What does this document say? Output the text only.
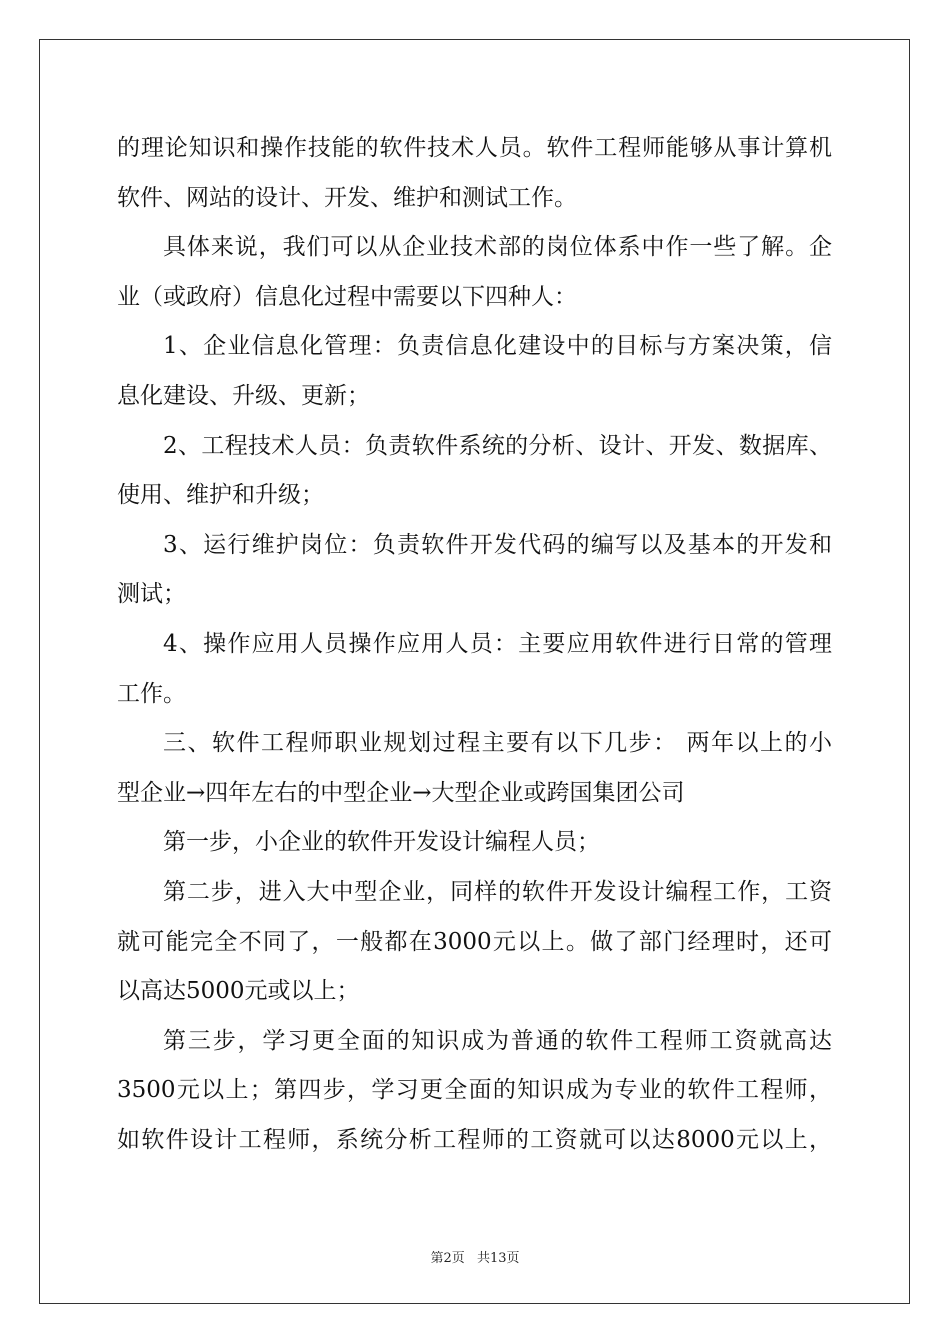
的理论知识和操作技能的软件技术人员。软件工程师能够从事计算机
软件、网站的设计、开发、维护和测试工作。
具体来说，我们可以从企业技术部的岗位体系中作一些了解。企
业（或政府）信息化过程中需要以下四种人：
1、企业信息化管理：负责信息化建设中的目标与方案决策，信
息化建设、升级、更新；
2、工程技术人员：负责软件系统的分析、设计、开发、数据库、
使用、维护和升级；
3、运行维护岗位：负责软件开发代码的编写以及基本的开发和
测试；
4、操作应用人员操作应用人员：主要应用软件进行日常的管理
工作。
三、软件工程师职业规划过程主要有以下几步： 两年以上的小
型企业→四年左右的中型企业→大型企业或跨国集团公司
第一步，小企业的软件开发设计编程人员；
第二步，进入大中型企业，同样的软件开发设计编程工作，工资
就可能完全不同了，一般都在3000元以上。做了部门经理时，还可
以高达5000元或以上；
第三步，学习更全面的知识成为普通的软件工程师工资就高达
3500元以上；第四步，学习更全面的知识成为专业的软件工程师，
如软件设计工程师，系统分析工程师的工资就可以达8000元以上，
第2页 共13页
